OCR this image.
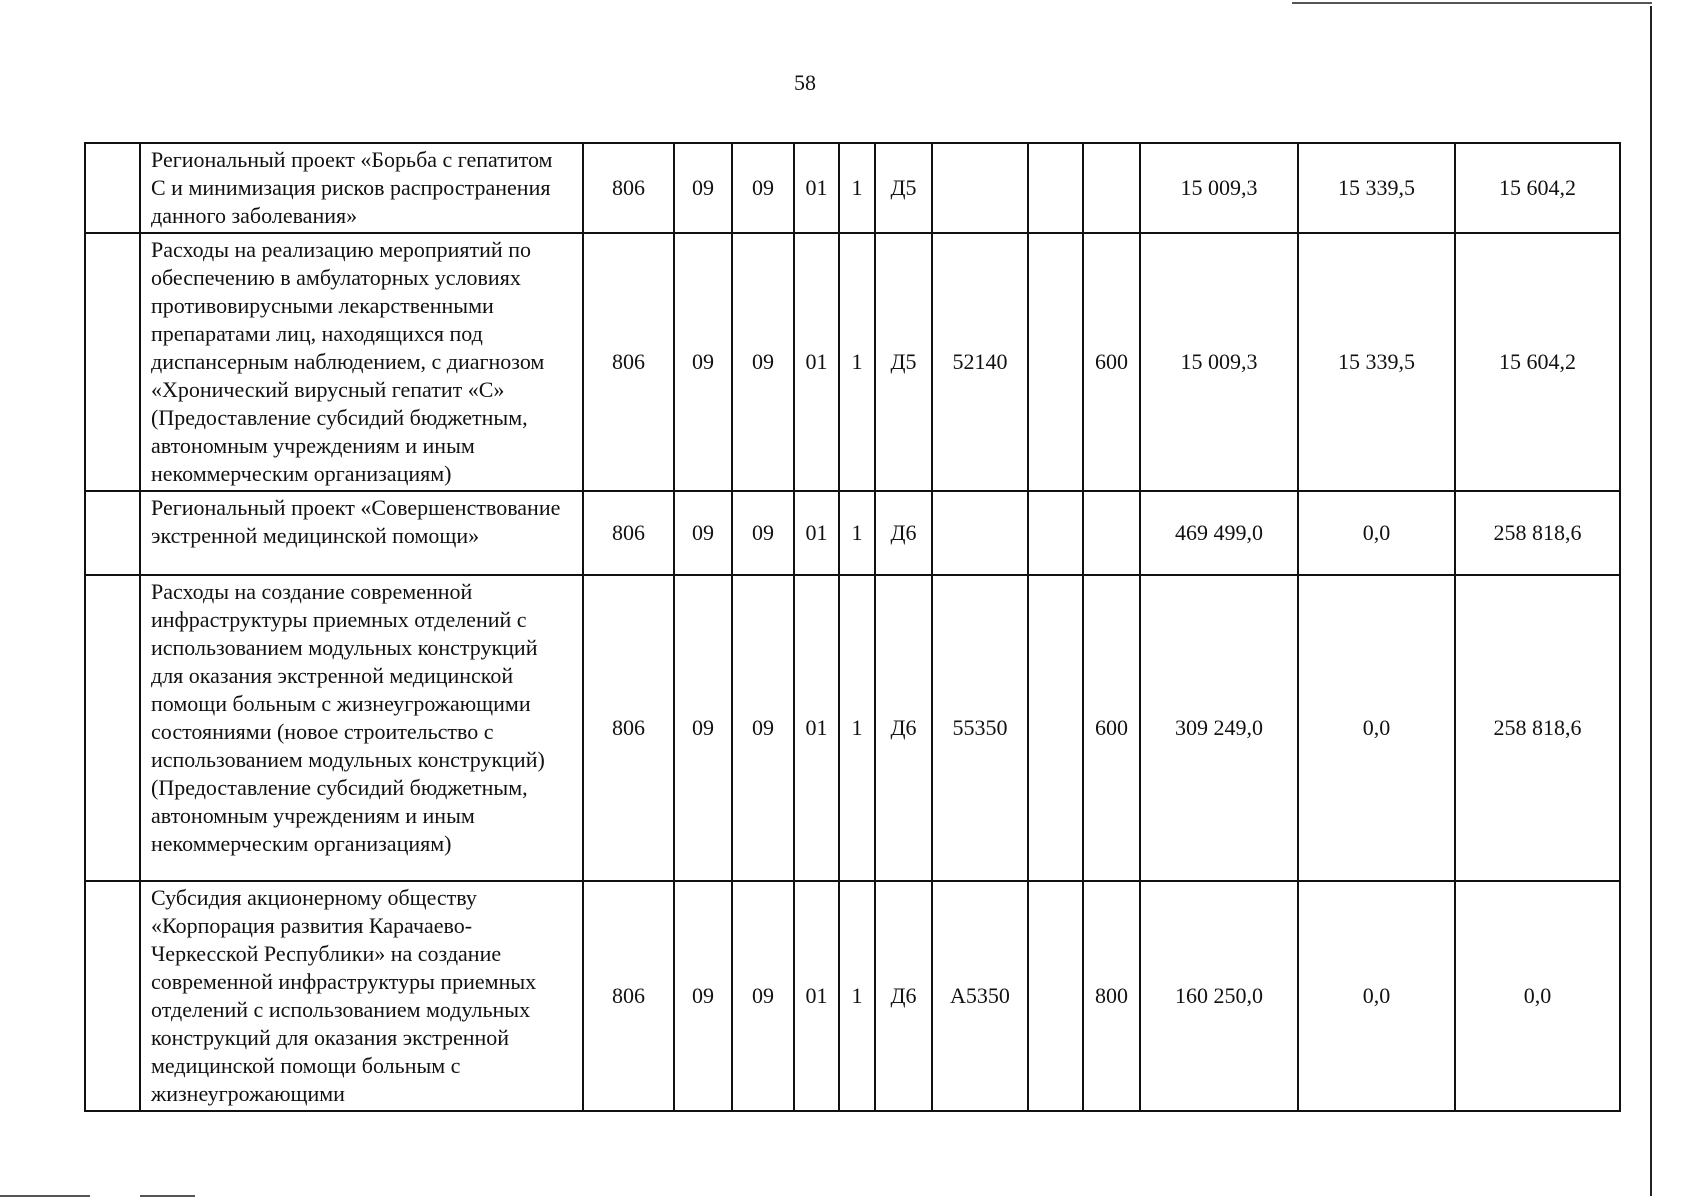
58
	Региональный проект «Борьба с гепатитом С и минимизация рисков распространения данного заболевания»	806	09	09	01	1	Д5				15 009,3	15 339,5	15 604,2
	Расходы на реализацию мероприятий по обеспечению в амбулаторных условиях противовирусными лекарственными препаратами лиц, находящихся под диспансерным наблюдением, с диагнозом «Хронический вирусный гепатит «С» (Предоставление субсидий бюджетным, автономным учреждениям и иным некоммерческим организациям)	806	09	09	01	1	Д5	52140		600	15 009,3	15 339,5	15 604,2
	Региональный проект «Совершенствование экстренной медицинской помощи»	806	09	09	01	1	Д6				469 499,0	0,0	258 818,6
	Расходы на создание современной инфраструктуры приемных отделений с использованием модульных конструкций для оказания экстренной медицинской помощи больным с жизнеугрожающими состояниями (новое строительство с использованием модульных конструкций) (Предоставление субсидий бюджетным, автономным учреждениям и иным некоммерческим организациям)	806	09	09	01	1	Д6	55350		600	309 249,0	0,0	258 818,6
	Субсидия акционерному обществу «Корпорация развития Карачаево-Черкесской Республики» на создание современной инфраструктуры приемных отделений с использованием модульных конструкций для оказания экстренной медицинской помощи больным с жизнеугрожающими	806	09	09	01	1	Д6	А5350		800	160 250,0	0,0	0,0
